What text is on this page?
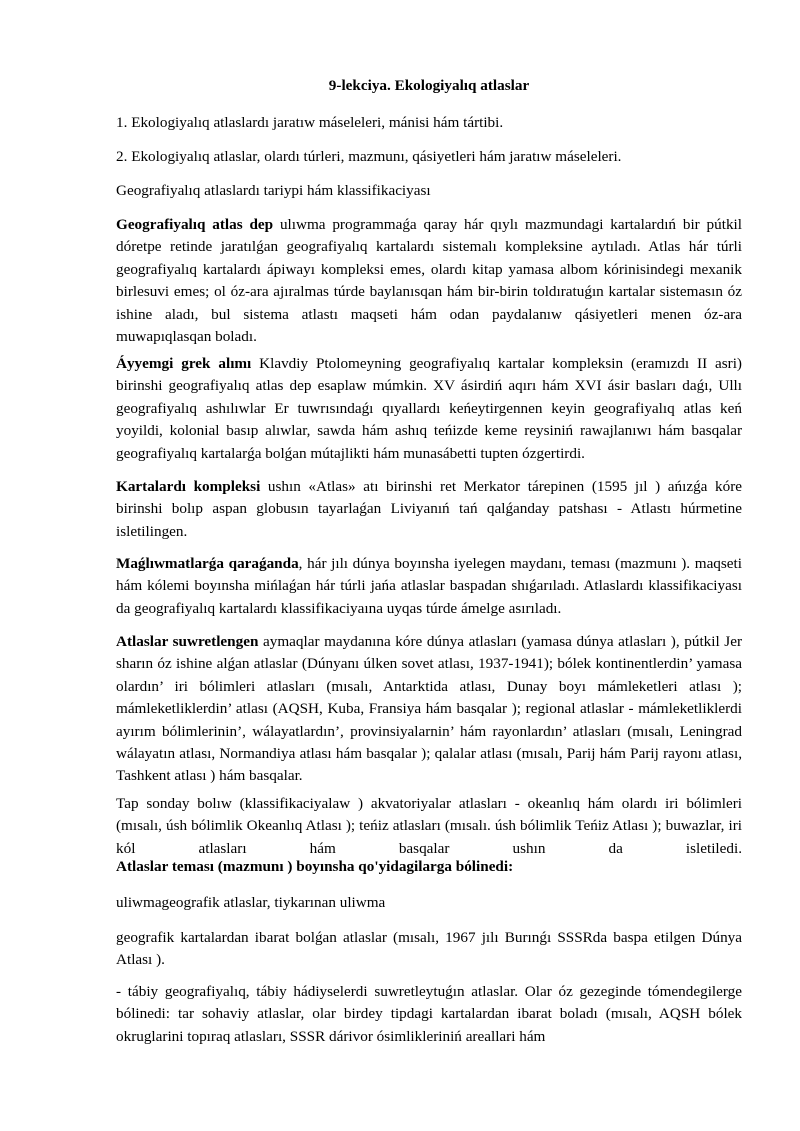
9-lekciya. Ekologiyalıq atlaslar

1. Ekologiyalıq atlaslardı jaratıw máseleleri, mánisi hám tártibi.

2. Ekologiyalıq atlaslar, olardı túrleri, mazmunı, qásiyetleri hám jaratıw máseleleri.

Geografiyalıq atlaslardı tariypi hám klassifikaciyası

Geografiyalıq atlas dep ulıwma programmaǵa qaray hár qıylı mazmundagi kartalardıń bir pútkil dóretpe retinde jaratılǵan geografiyalıq kartalardı sistemalı kompleksine aytıladı. Atlas hár túrli geografiyalıq kartalardı ápiwayı kompleksi emes, olardı kitap yamasa albom kórinisindegi mexanik birlesuvi emes; ol óz-ara ajıralmas túrde baylanısqan hám bir-birin toldıratuǵın kartalar sistemasın óz ishine aladı, bul sistema atlastı maqseti hám odan paydalanıw qásiyetleri menen óz-ara muwapıqlasqan boladı.

Áyyemgi grek alımı Klavdiy Ptolomeyning geografiyalıq kartalar kompleksin (eramızdı II asri) birinshi geografiyalıq atlas dep esaplaw múmkin. XV ásirdiń aqırı hám XVI ásir basları daǵı, Ullı geografiyalıq ashılıwlar Er tuwrısındaǵı qıyallardı keńeytirgennen keyin geografiyalıq atlas keń yoyildi, kolonial basıp alıwlar, sawda hám ashıq teńizde keme reysiniń rawajlanıwı hám basqalar geografiyalıq kartalarǵa bolǵan mútajlikti hám munasábetti tupten ózgertirdi.

Kartalardı kompleksi ushın «Atlas» atı birinshi ret Merkator tárepinen (1595 jıl ) ańızǵa kóre birinshi bolıp aspan globusın tayarlaǵan Liviyanıń tań qalǵanday patshası - Atlastı húrmetine isletilingen.

Maǵlıwmatlarǵa qaraǵanda, hár jılı dúnya boyınsha iyelegen maydanı, teması (mazmunı ). maqseti hám kólemi boyınsha mińlaǵan hár túrli jańa atlaslar baspadan shıǵarıladı. Atlaslardı klassifikaciyası da geografiyalıq kartalardı klassifikaciyaına uyqas túrde ámelge asırıladı.

Atlaslar suwretlengen aymaqlar maydanına kóre dúnya atlasları (yamasa dúnya atlasları ), pútkil Jer sharın óz ishine alǵan atlaslar (Dúnyanı úlken sovet atlası, 1937-1941); bólek kontinentlerdin’ yamasa olardın’ iri bólimleri atlasları (mısalı, Antarktida atlası, Dunay boyı mámleketleri atlası ); mámleketliklerdin’ atlası (AQSH, Kuba, Fransiya hám basqalar ); regional atlaslar - mámleketliklerdi ayırım bólimlerinin’, wálayatlardın’, provinsiyalarnin’ hám rayonlardın’ atlasları (mısalı, Leningrad wálayatın atlası, Normandiya atlası hám basqalar ); qalalar atlası (mısalı, Parij hám Parij rayonı atlası, Tashkent atlası ) hám basqalar.

Tap sonday bolıw (klassifikaciyalaw ) akvatoriyalar atlasları - okeanlıq hám olardı iri bólimleri (mısalı, úsh bólimlik Okeanlıq Atlası ); teńiz atlasları (mısalı. úsh bólimlik Teńiz Atlası ); buwazlar, iri kól atlasları hám basqalar ushın da isletiledi.

Atlaslar teması (mazmunı ) boyınsha qo'yidagilarga bólinedi:

uliwmageografik atlaslar, tiykarınan uliwma

geografik kartalardan ibarat bolǵan atlaslar (mısalı, 1967 jılı Burınǵı SSSRda baspa etilgen Dúnya Atlası ).

- tábiy geografiyalıq, tábiy hádiyselerdi suwretleytuǵın atlaslar. Olar óz gezeginde tómendegilerge bólinedi: tar sohaviy atlaslar, olar birdey tipdagi kartalardan ibarat boladı (mısalı, AQSH bólek okruglarini topıraq atlasları, SSSR dárivor ósimlikleriniń areallari hám
